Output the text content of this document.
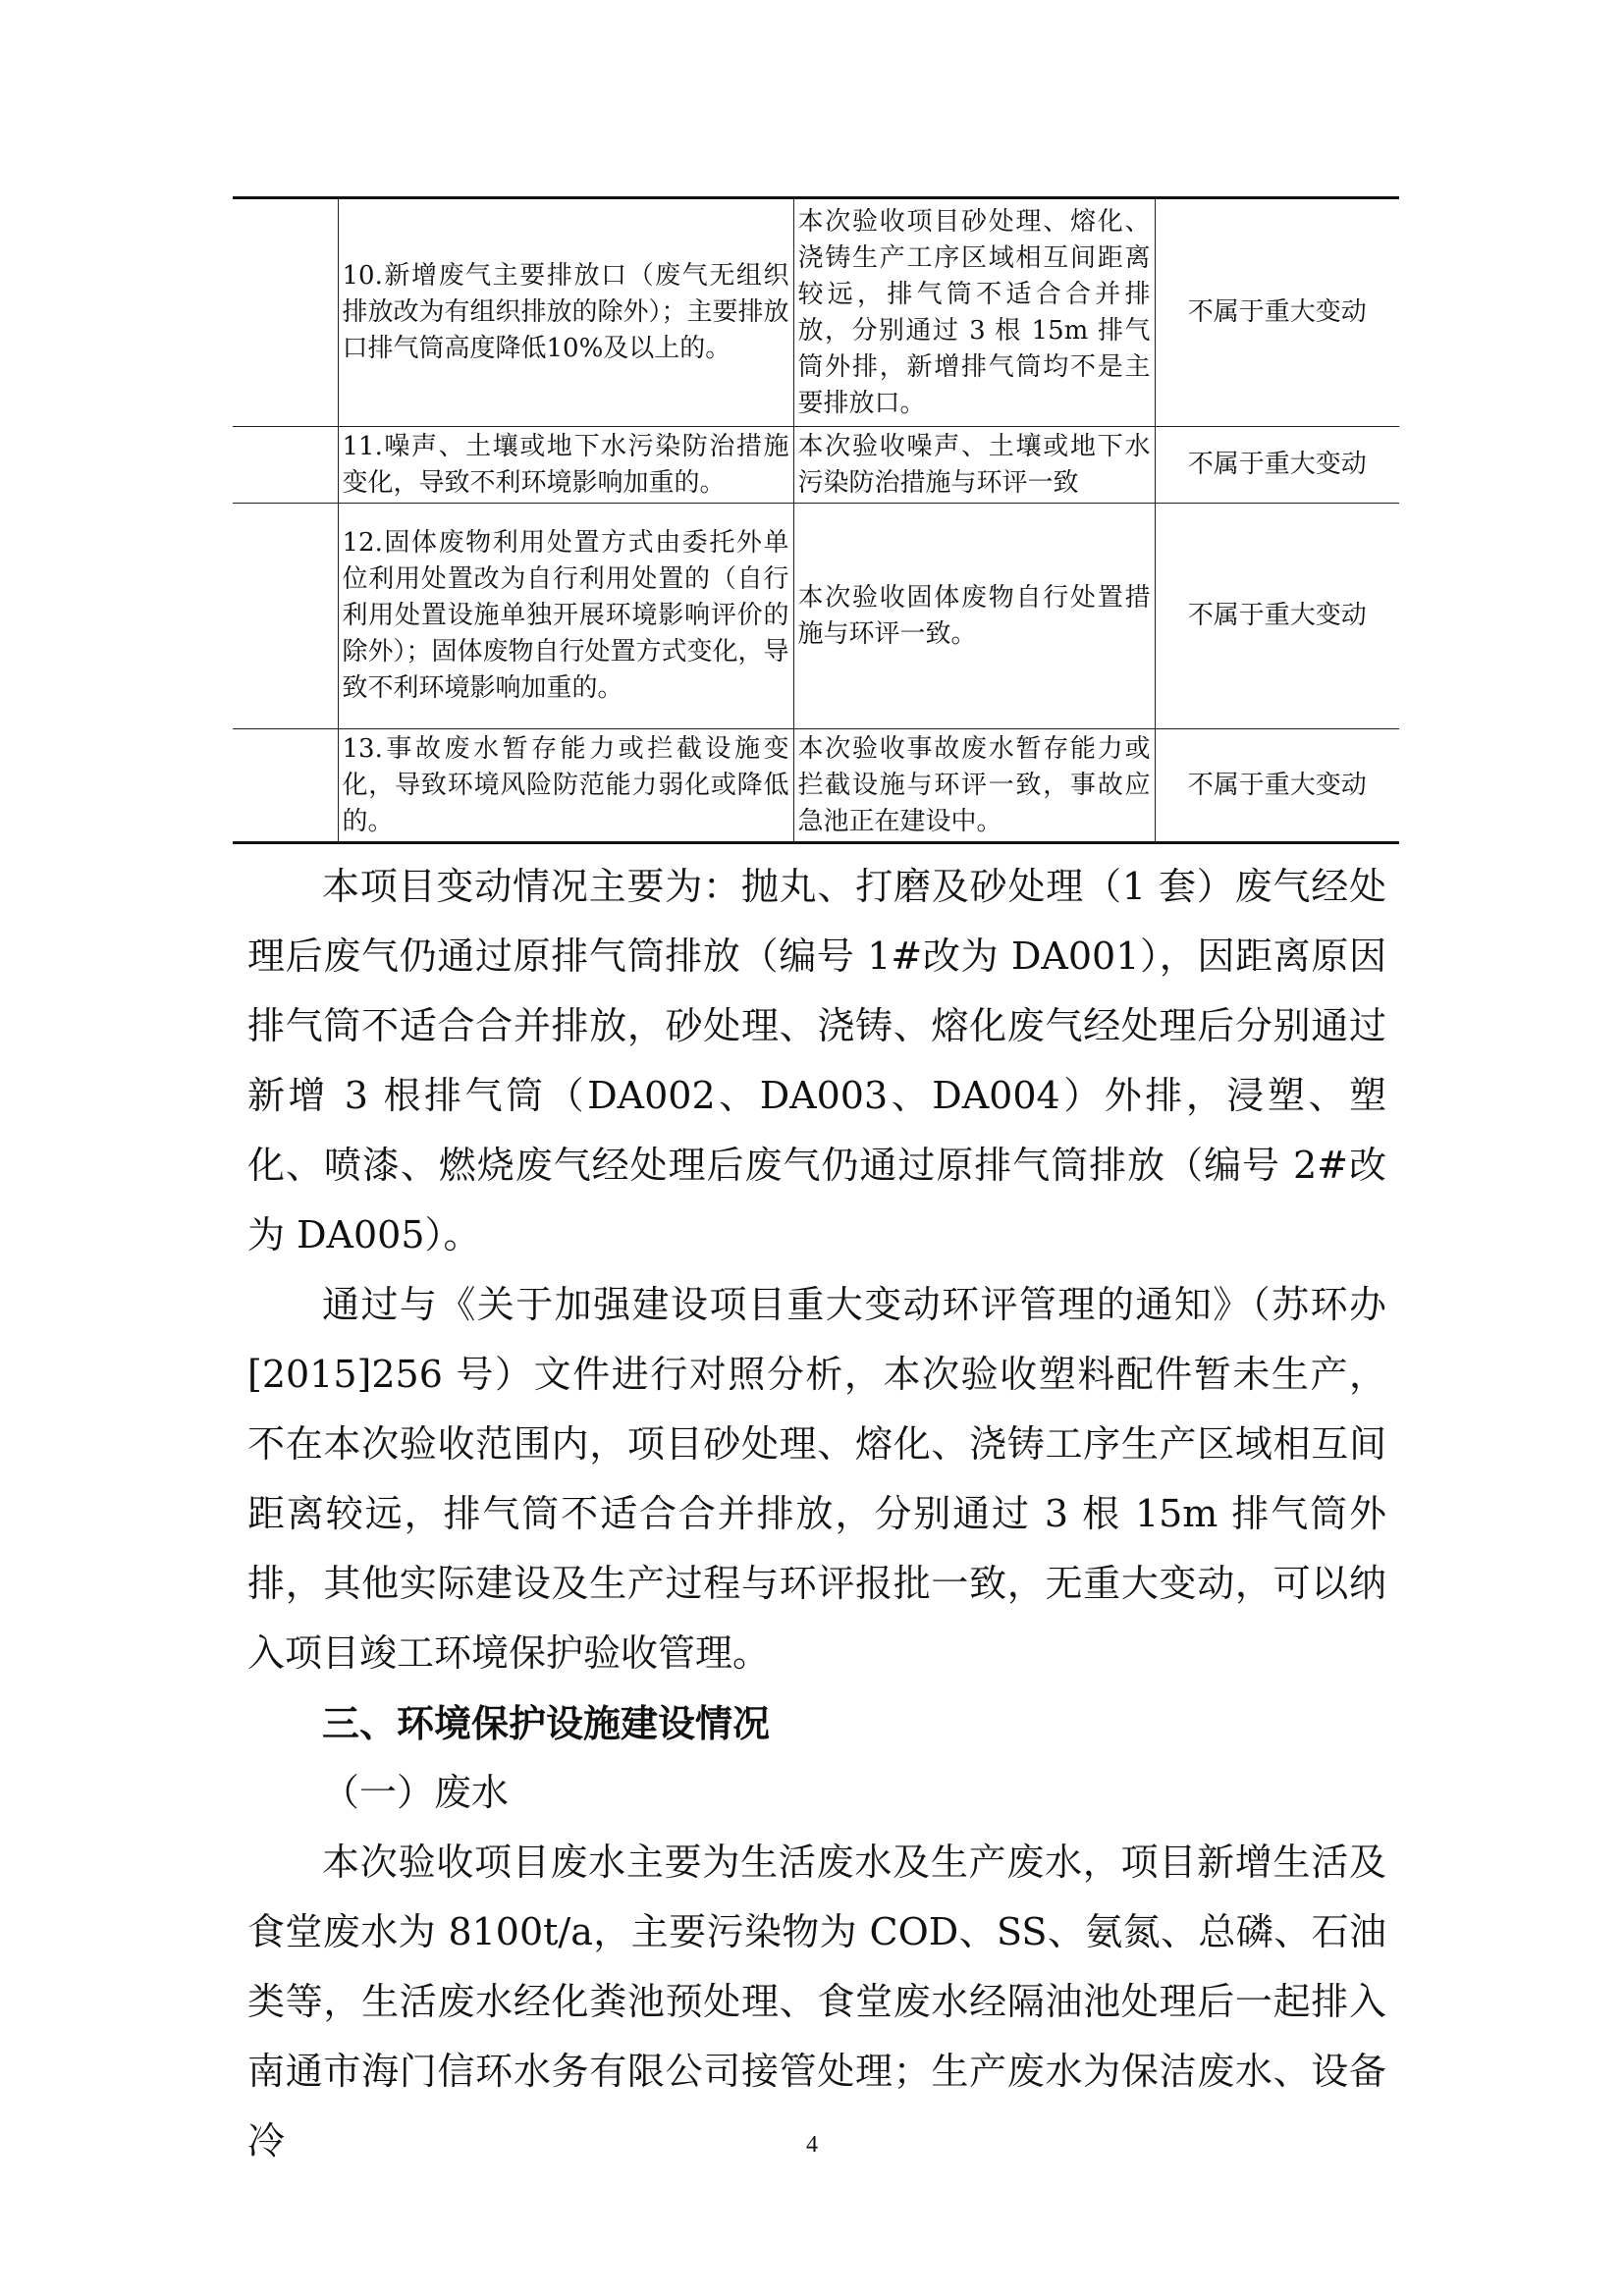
	10.新增废气主要排放口（废气无组织排放改为有组织排放的除外）；主要排放口排气筒高度降低10%及以上的。	本次验收项目砂处理、熔化、浇铸生产工序区域相互间距离较远，排气筒不适合合并排放，分别通过 3 根 15m 排气筒外排，新增排气筒均不是主要排放口。	不属于重大变动
	11.噪声、土壤或地下水污染防治措施变化，导致不利环境影响加重的。	本次验收噪声、土壤或地下水污染防治措施与环评一致	不属于重大变动
	12.固体废物利用处置方式由委托外单位利用处置改为自行利用处置的（自行利用处置设施单独开展环境影响评价的除外）；固体废物自行处置方式变化，导致不利环境影响加重的。	本次验收固体废物自行处置措施与环评一致。	不属于重大变动
	13.事故废水暂存能力或拦截设施变化，导致环境风险防范能力弱化或降低的。	本次验收事故废水暂存能力或拦截设施与环评一致，事故应急池正在建设中。	不属于重大变动

本项目变动情况主要为：抛丸、打磨及砂处理（1 套）废气经处理后废气仍通过原排气筒排放（编号 1#改为 DA001），因距离原因排气筒不适合合并排放，砂处理、浇铸、熔化废气经处理后分别通过新增 3 根排气筒（DA002、DA003、DA004）外排，浸塑、塑化、喷漆、燃烧废气经处理后废气仍通过原排气筒排放（编号 2#改为 DA005）。

通过与《关于加强建设项目重大变动环评管理的通知》（苏环办[2015]256 号）文件进行对照分析，本次验收塑料配件暂未生产，不在本次验收范围内，项目砂处理、熔化、浇铸工序生产区域相互间距离较远，排气筒不适合合并排放，分别通过 3 根 15m 排气筒外排，其他实际建设及生产过程与环评报批一致，无重大变动，可以纳入项目竣工环境保护验收管理。

三、环境保护设施建设情况

（一）废水

本次验收项目废水主要为生活废水及生产废水，项目新增生活及食堂废水为 8100t/a，主要污染物为 COD、SS、氨氮、总磷、石油类等，生活废水经化粪池预处理、食堂废水经隔油池处理后一起排入南通市海门信环水务有限公司接管处理；生产废水为保洁废水、设备冷	4
